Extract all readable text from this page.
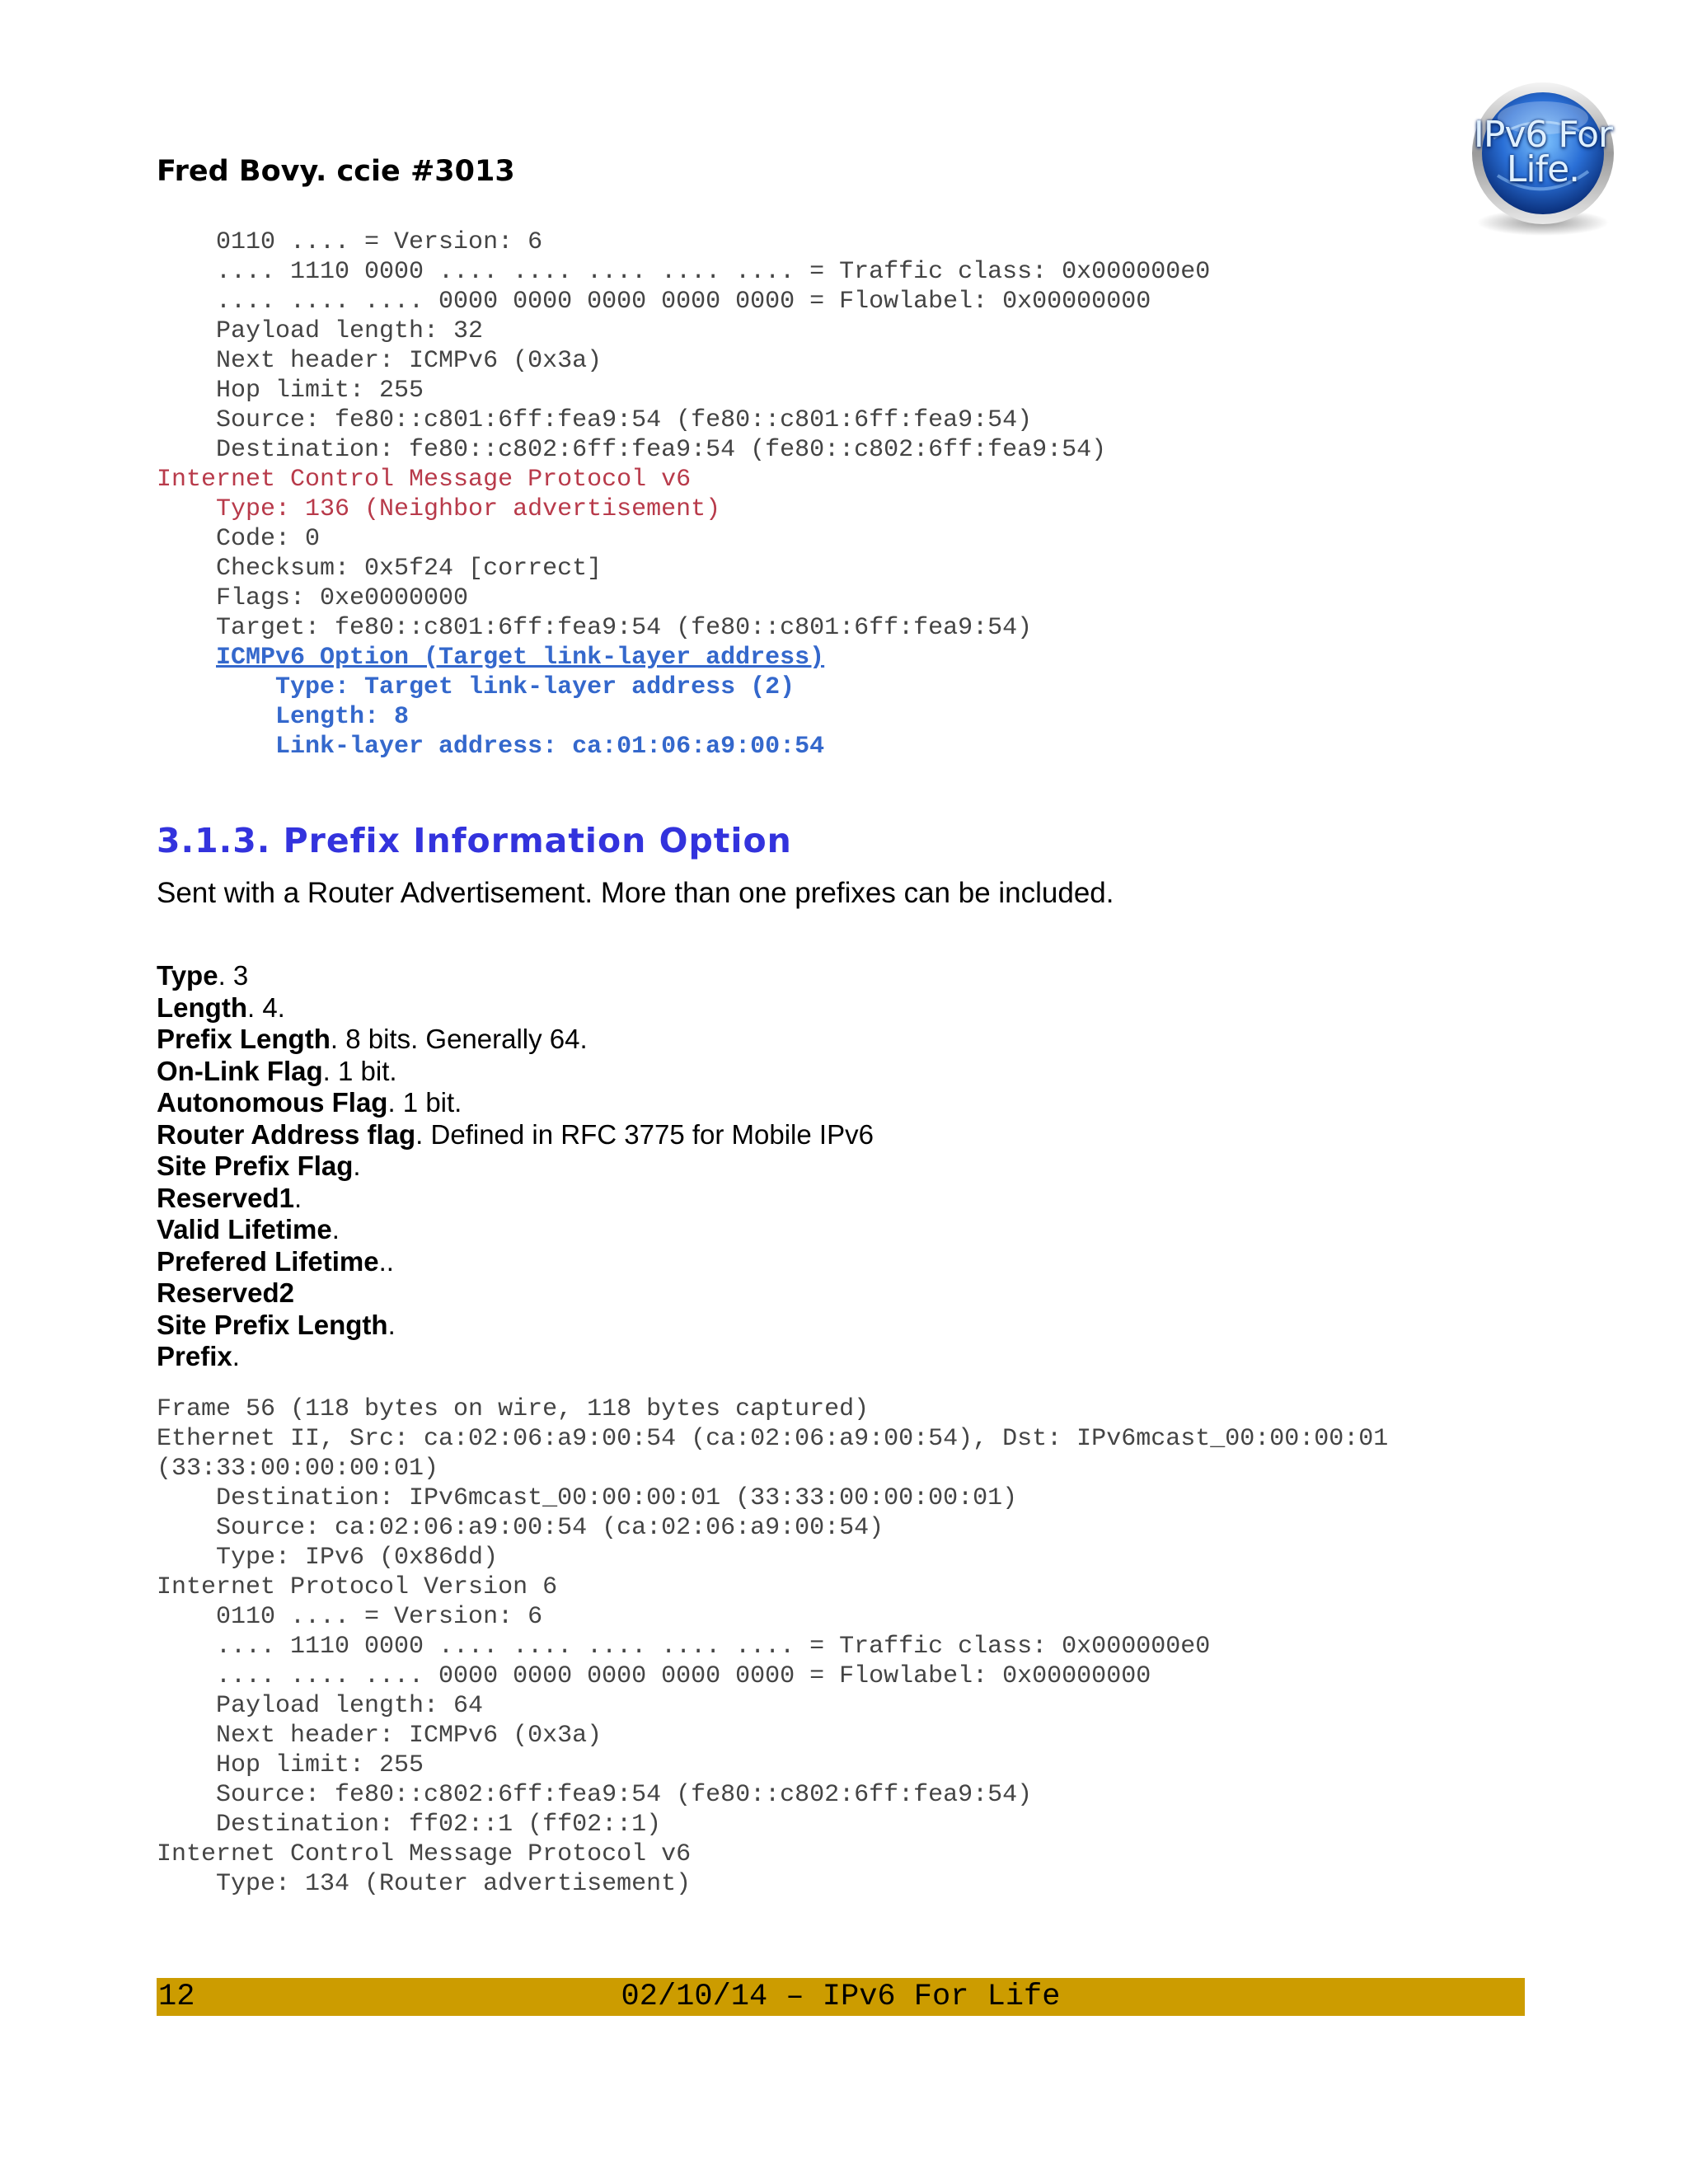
Fred Bovy. ccie #3013
IPv6 For Life.
0110 .... = Version: 6
.... 1110 0000 .... .... .... .... .... = Traffic class: 0x000000e0
.... .... .... 0000 0000 0000 0000 0000 = Flowlabel: 0x00000000
Payload length: 32
Next header: ICMPv6 (0x3a)
Hop limit: 255
Source: fe80::c801:6ff:fea9:54 (fe80::c801:6ff:fea9:54)
Destination: fe80::c802:6ff:fea9:54 (fe80::c802:6ff:fea9:54)
Internet Control Message Protocol v6
Type: 136 (Neighbor advertisement)
Code: 0
Checksum: 0x5f24 [correct]
Flags: 0xe0000000
Target: fe80::c801:6ff:fea9:54 (fe80::c801:6ff:fea9:54)
ICMPv6 Option (Target link-layer address)
Type: Target link-layer address (2)
Length: 8
Link-layer address: ca:01:06:a9:00:54
3.1.3. Prefix Information Option
Sent with a Router Advertisement. More than one prefixes can be included.
Type. 3
Length. 4.
Prefix Length. 8 bits. Generally 64.
On-Link Flag. 1 bit.
Autonomous Flag. 1 bit.
Router Address flag. Defined in RFC 3775 for Mobile IPv6
Site Prefix Flag.
Reserved1.
Valid Lifetime.
Prefered Lifetime..
Reserved2
Site Prefix Length.
Prefix.
Frame 56 (118 bytes on wire, 118 bytes captured)
Ethernet II, Src: ca:02:06:a9:00:54 (ca:02:06:a9:00:54), Dst: IPv6mcast_00:00:00:01
(33:33:00:00:00:01)
Destination: IPv6mcast_00:00:00:01 (33:33:00:00:00:01)
Source: ca:02:06:a9:00:54 (ca:02:06:a9:00:54)
Type: IPv6 (0x86dd)
Internet Protocol Version 6
0110 .... = Version: 6
.... 1110 0000 .... .... .... .... .... = Traffic class: 0x000000e0
.... .... .... 0000 0000 0000 0000 0000 = Flowlabel: 0x00000000
Payload length: 64
Next header: ICMPv6 (0x3a)
Hop limit: 255
Source: fe80::c802:6ff:fea9:54 (fe80::c802:6ff:fea9:54)
Destination: ff02::1 (ff02::1)
Internet Control Message Protocol v6
Type: 134 (Router advertisement)
12	02/10/14 – IPv6 For Life
